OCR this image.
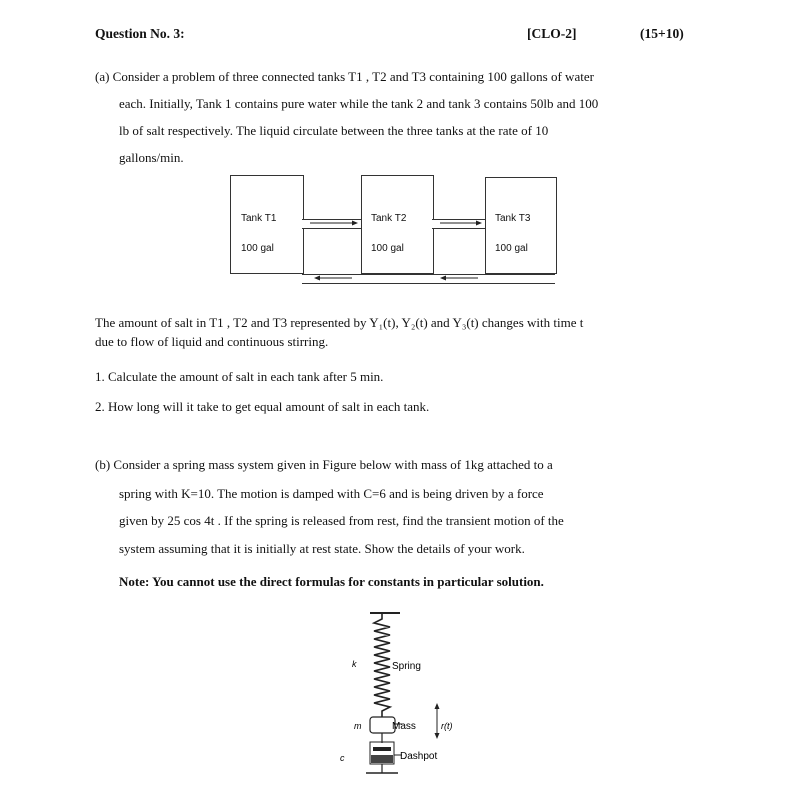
Question No. 3:	[CLO-2]	(15+10)
(a) Consider a problem of three connected tanks T1 , T2 and T3 containing 100 gallons of water
each. Initially, Tank 1 contains pure water while the tank 2 and tank 3 contains 50lb and 100
lb of salt respectively. The liquid circulate between the three tanks at the rate of 10
gallons/min.
Tank T1
100 gal
Tank T2
100 gal
Tank T3
100 gal
The amount of salt in T1 , T2 and T3 represented by Y₁(t), Y₂(t) and Y₃(t) changes with time t
due to flow of liquid and continuous stirring.
1. Calculate the amount of salt in each tank after 5 min.
2. How long will it take to get equal amount of salt in each tank.
(b) Consider a spring mass system given in Figure below with mass of 1kg attached to a
spring with K=10. The motion is damped with C=6 and is being driven by a force
given by 25 cos 4t . If the spring is released from rest, find the transient motion of the
system assuming that it is initially at rest state. Show the details of your work.
Note: You cannot use the direct formulas for constants in particular solution.
k	Spring
m	Mass	r(t)
c	Dashpot
